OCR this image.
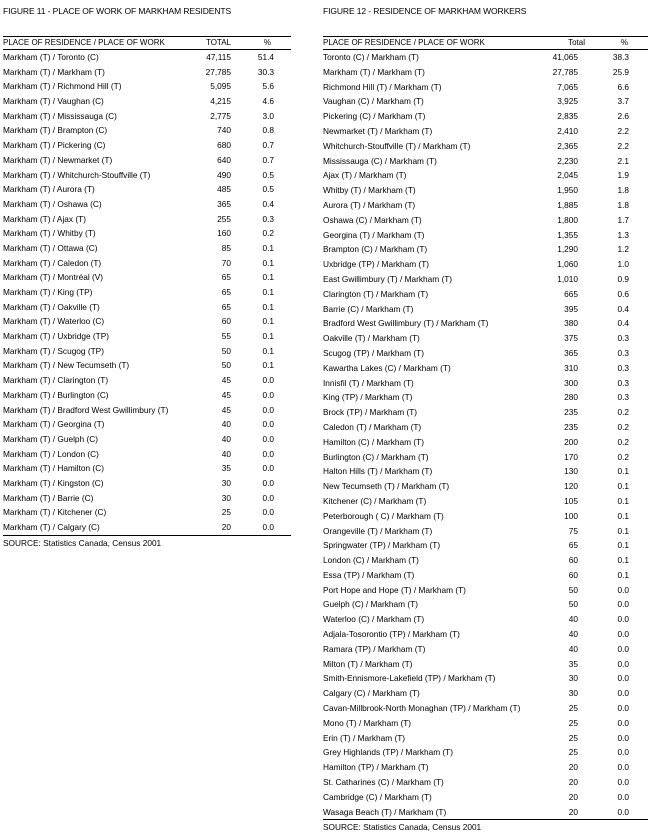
FIGURE 11 - PLACE OF WORK OF MARKHAM RESIDENTS
PLACE OF RESIDENCE / PLACE OF WORK	TOTAL	%
Markham (T) / Toronto (C)	47,115	51.4
Markham (T) / Markham (T)	27,785	30.3
Markham (T) / Richmond Hill (T)	5,095	5.6
Markham (T) / Vaughan (C)	4,215	4.6
Markham (T) / Mississauga (C)	2,775	3.0
Markham (T) / Brampton (C)	740	0.8
Markham (T) / Pickering (C)	680	0.7
Markham (T) / Newmarket (T)	640	0.7
Markham (T) / Whitchurch-Stouffville (T)	490	0.5
Markham (T) / Aurora (T)	485	0.5
Markham (T) / Oshawa (C)	365	0.4
Markham (T) / Ajax (T)	255	0.3
Markham (T) / Whitby (T)	160	0.2
Markham (T) / Ottawa (C)	85	0.1
Markham (T) / Caledon (T)	70	0.1
Markham (T) / Montréal (V)	65	0.1
Markham (T) / King (TP)	65	0.1
Markham (T) / Oakville (T)	65	0.1
Markham (T) / Waterloo (C)	60	0.1
Markham (T) / Uxbridge (TP)	55	0.1
Markham (T) / Scugog (TP)	50	0.1
Markham (T) / New Tecumseth (T)	50	0.1
Markham (T) / Clarington (T)	45	0.0
Markham (T) / Burlington (C)	45	0.0
Markham (T) / Bradford West Gwillimbury (T)	45	0.0
Markham (T) / Georgina (T)	40	0.0
Markham (T) / Guelph (C)	40	0.0
Markham (T) / London (C)	40	0.0
Markham (T) / Hamilton (C)	35	0.0
Markham (T) / Kingston (C)	30	0.0
Markham (T) / Barrie (C)	30	0.0
Markham (T) / Kitchener (C)	25	0.0
Markham (T) / Calgary (C)	20	0.0
SOURCE: Statistics Canada, Census 2001
FIGURE 12 - RESIDENCE OF MARKHAM WORKERS
PLACE OF RESIDENCE / PLACE OF WORK	Total	%
Toronto (C) / Markham (T)	41,065	38.3
Markham (T) / Markham (T)	27,785	25.9
Richmond Hill (T) / Markham (T)	7,065	6.6
Vaughan (C) / Markham (T)	3,925	3.7
Pickering (C) / Markham (T)	2,835	2.6
Newmarket (T) / Markham (T)	2,410	2.2
Whitchurch-Stouffville (T) / Markham (T)	2,365	2.2
Mississauga (C) / Markham (T)	2,230	2.1
Ajax (T) / Markham (T)	2,045	1.9
Whitby (T) / Markham (T)	1,950	1.8
Aurora (T) / Markham (T)	1,885	1.8
Oshawa (C) / Markham (T)	1,800	1.7
Georgina (T) / Markham (T)	1,355	1.3
Brampton (C) / Markham (T)	1,290	1.2
Uxbridge (TP) / Markham (T)	1,060	1.0
East Gwillimbury (T) / Markham (T)	1,010	0.9
Clarington (T) / Markham (T)	665	0.6
Barrie (C) / Markham (T)	395	0.4
Bradford West Gwillimbury (T) / Markham (T)	380	0.4
Oakville (T) / Markham (T)	375	0.3
Scugog (TP) / Markham (T)	365	0.3
Kawartha Lakes (C) / Markham (T)	310	0.3
Innisfil (T) / Markham (T)	300	0.3
King (TP) / Markham (T)	280	0.3
Brock (TP) / Markham (T)	235	0.2
Caledon (T) / Markham (T)	235	0.2
Hamilton (C) / Markham (T)	200	0.2
Burlington (C) / Markham (T)	170	0.2
Halton Hills (T) / Markham (T)	130	0.1
New Tecumseth (T) / Markham (T)	120	0.1
Kitchener (C) / Markham (T)	105	0.1
Peterborough ( C) / Markham (T)	100	0.1
Orangeville (T) / Markham (T)	75	0.1
Springwater (TP) / Markham (T)	65	0.1
London (C) / Markham (T)	60	0.1
Essa (TP) / Markham (T)	60	0.1
Port Hope and Hope (T) / Markham (T)	50	0.0
Guelph (C) / Markham (T)	50	0.0
Waterloo (C) / Markham (T)	40	0.0
Adjala-Tosorontio (TP) / Markham (T)	40	0.0
Ramara (TP) / Markham (T)	40	0.0
Milton (T) / Markham (T)	35	0.0
Smith-Ennismore-Lakefield (TP) / Markham (T)	30	0.0
Calgary (C) / Markham (T)	30	0.0
Cavan-Millbrook-North Monaghan (TP) / Markham (T)	25	0.0
Mono (T) / Markham (T)	25	0.0
Erin (T) / Markham (T)	25	0.0
Grey Highlands (TP) / Markham (T)	25	0.0
Hamilton (TP) / Markham (T)	20	0.0
St. Catharines (C) / Markham (T)	20	0.0
Cambridge (C) / Markham (T)	20	0.0
Wasaga Beach (T) / Markham (T)	20	0.0
SOURCE: Statistics Canada, Census 2001
